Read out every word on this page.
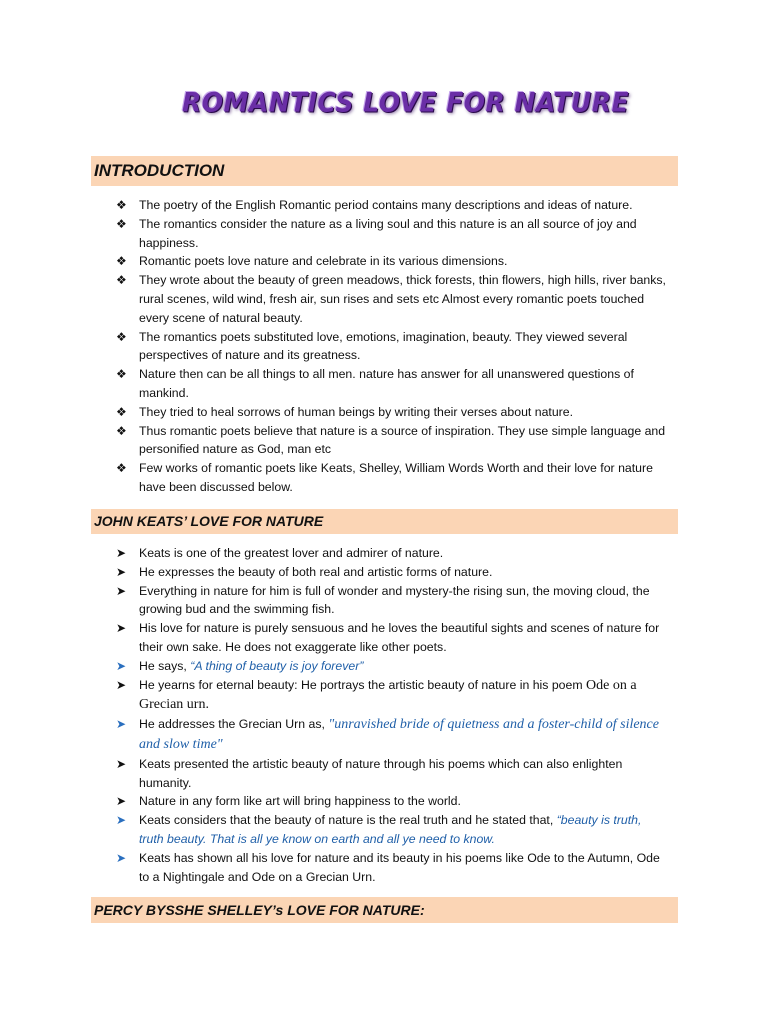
ROMANTICS LOVE FOR NATURE
INTRODUCTION
❖ The poetry of the English Romantic period contains many descriptions and ideas of nature.
❖ The romantics consider the nature as a living soul and this nature is an all source of joy and happiness.
❖ Romantic poets love nature and celebrate in its various dimensions.
❖ They wrote about the beauty of green meadows, thick forests, thin flowers, high hills, river banks, rural scenes, wild wind, fresh air, sun rises and sets etc Almost every romantic poets touched every scene of natural beauty.
❖ The romantics poets substituted love, emotions, imagination, beauty. They viewed several perspectives of nature and its greatness.
❖ Nature then can be all things to all men. nature has answer for all unanswered questions of mankind.
❖ They tried to heal sorrows of human beings by writing their verses about nature.
❖ Thus romantic poets believe that nature is a source of inspiration. They use simple language and personified nature as God, man etc
❖ Few works of romantic poets like Keats, Shelley, William Words Worth and their love for nature have been discussed below.
JOHN KEATS’ LOVE FOR NATURE
➤ Keats is one of the greatest lover and admirer of nature.
➤ He expresses the beauty of both real and artistic forms of nature.
➤ Everything in nature for him is full of wonder and mystery-the rising sun, the moving cloud, the growing bud and the swimming fish.
➤ His love for nature is purely sensuous and he loves the beautiful sights and scenes of nature for their own sake. He does not exaggerate like other poets.
➤ He says, “A thing of beauty is joy forever”
➤ He yearns for eternal beauty: He portrays the artistic beauty of nature in his poem Ode on a Grecian urn.
➤ He addresses the Grecian Urn as, "unravished bride of quietness and a foster-child of silence and slow time"
➤ Keats presented the artistic beauty of nature through his poems which can also enlighten humanity.
➤ Nature in any form like art will bring happiness to the world.
➤ Keats considers that the beauty of nature is the real truth and he stated that, “beauty is truth, truth beauty. That is all ye know on earth and all ye need to know.
➤ Keats has shown all his love for nature and its beauty in his poems like Ode to the Autumn, Ode to a Nightingale and Ode on a Grecian Urn.
PERCY BYSSHE SHELLEY’s LOVE FOR NATURE:
